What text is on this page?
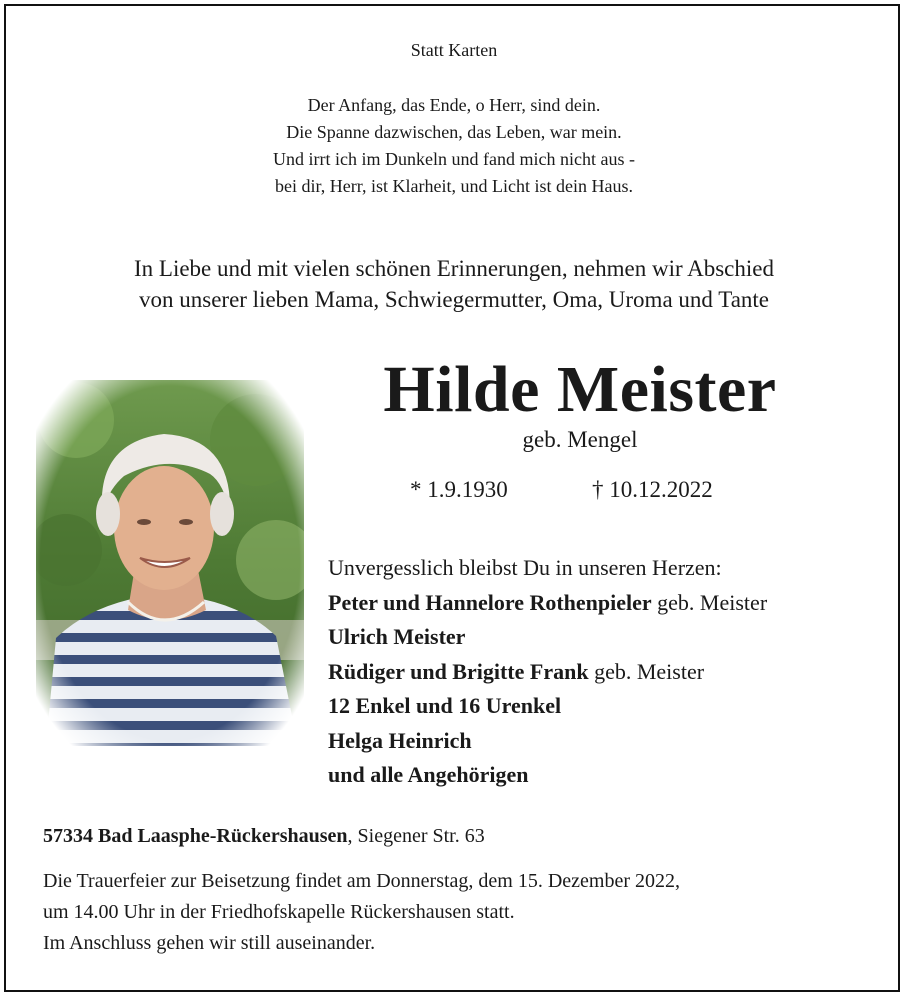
Statt Karten
Der Anfang, das Ende, o Herr, sind dein.
Die Spanne dazwischen, das Leben, war mein.
Und irrt ich im Dunkeln und fand mich nicht aus -
bei dir, Herr, ist Klarheit, und Licht ist dein Haus.
In Liebe und mit vielen schönen Erinnerungen, nehmen wir Abschied
von unserer lieben Mama, Schwiegermutter, Oma, Uroma und Tante
Hilde Meister
geb. Mengel
* 1.9.1930	† 10.12.2022
Unvergesslich bleibst Du in unseren Herzen:
Peter und Hannelore Rothenpieler geb. Meister
Ulrich Meister
Rüdiger und Brigitte Frank geb. Meister
12 Enkel und 16 Urenkel
Helga Heinrich
und alle Angehörigen
57334 Bad Laasphe-Rückershausen, Siegener Str. 63
Die Trauerfeier zur Beisetzung findet am Donnerstag, dem 15. Dezember 2022,
um 14.00 Uhr in der Friedhofskapelle Rückershausen statt.
Im Anschluss gehen wir still auseinander.
